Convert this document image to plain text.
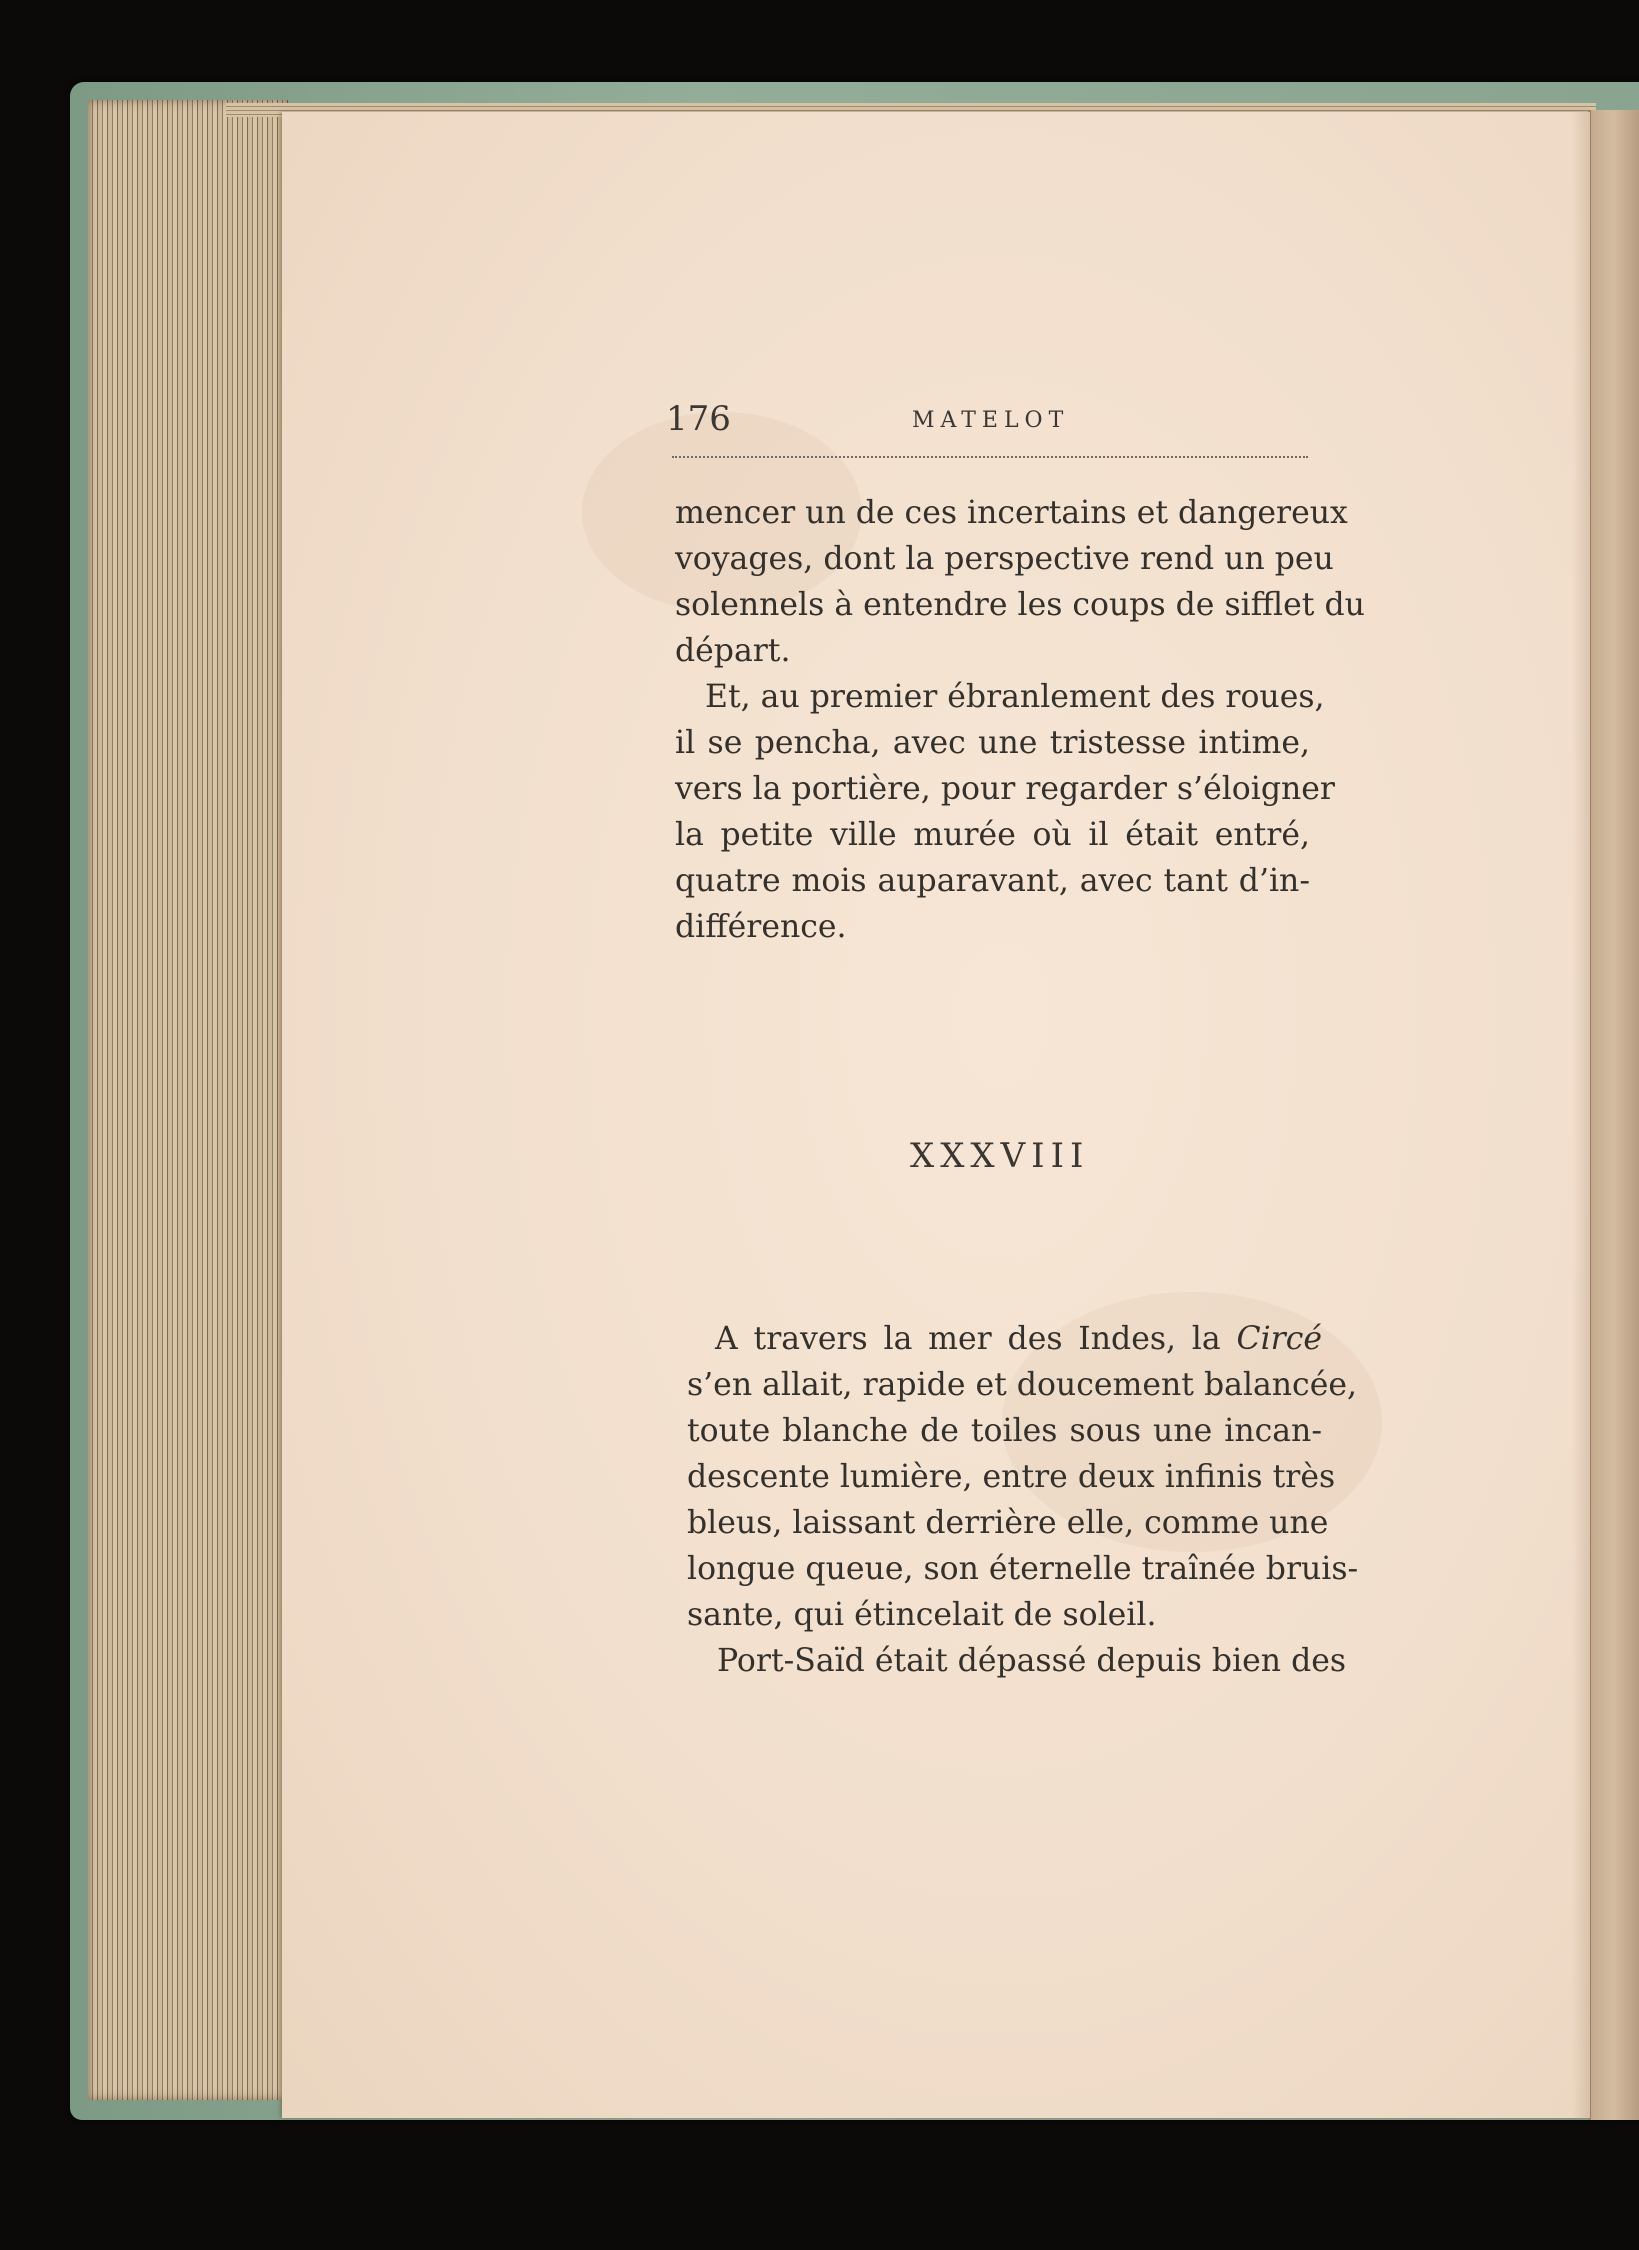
176	MATELOT
mencer un de ces incertains et dangereux
voyages, dont la perspective rend un peu
solennels à entendre les coups de sifflet du
départ.
Et, au premier ébranlement des roues,
il se pencha, avec une tristesse intime,
vers la portière, pour regarder s’éloigner
la petite ville murée où il était entré,
quatre mois auparavant, avec tant d’in-
différence.
XXXVIII
A travers la mer des Indes, la Circé
s’en allait, rapide et doucement balancée,
toute blanche de toiles sous une incan-
descente lumière, entre deux infinis très
bleus, laissant derrière elle, comme une
longue queue, son éternelle traînée bruis-
sante, qui étincelait de soleil.
Port-Saïd était dépassé depuis bien des
